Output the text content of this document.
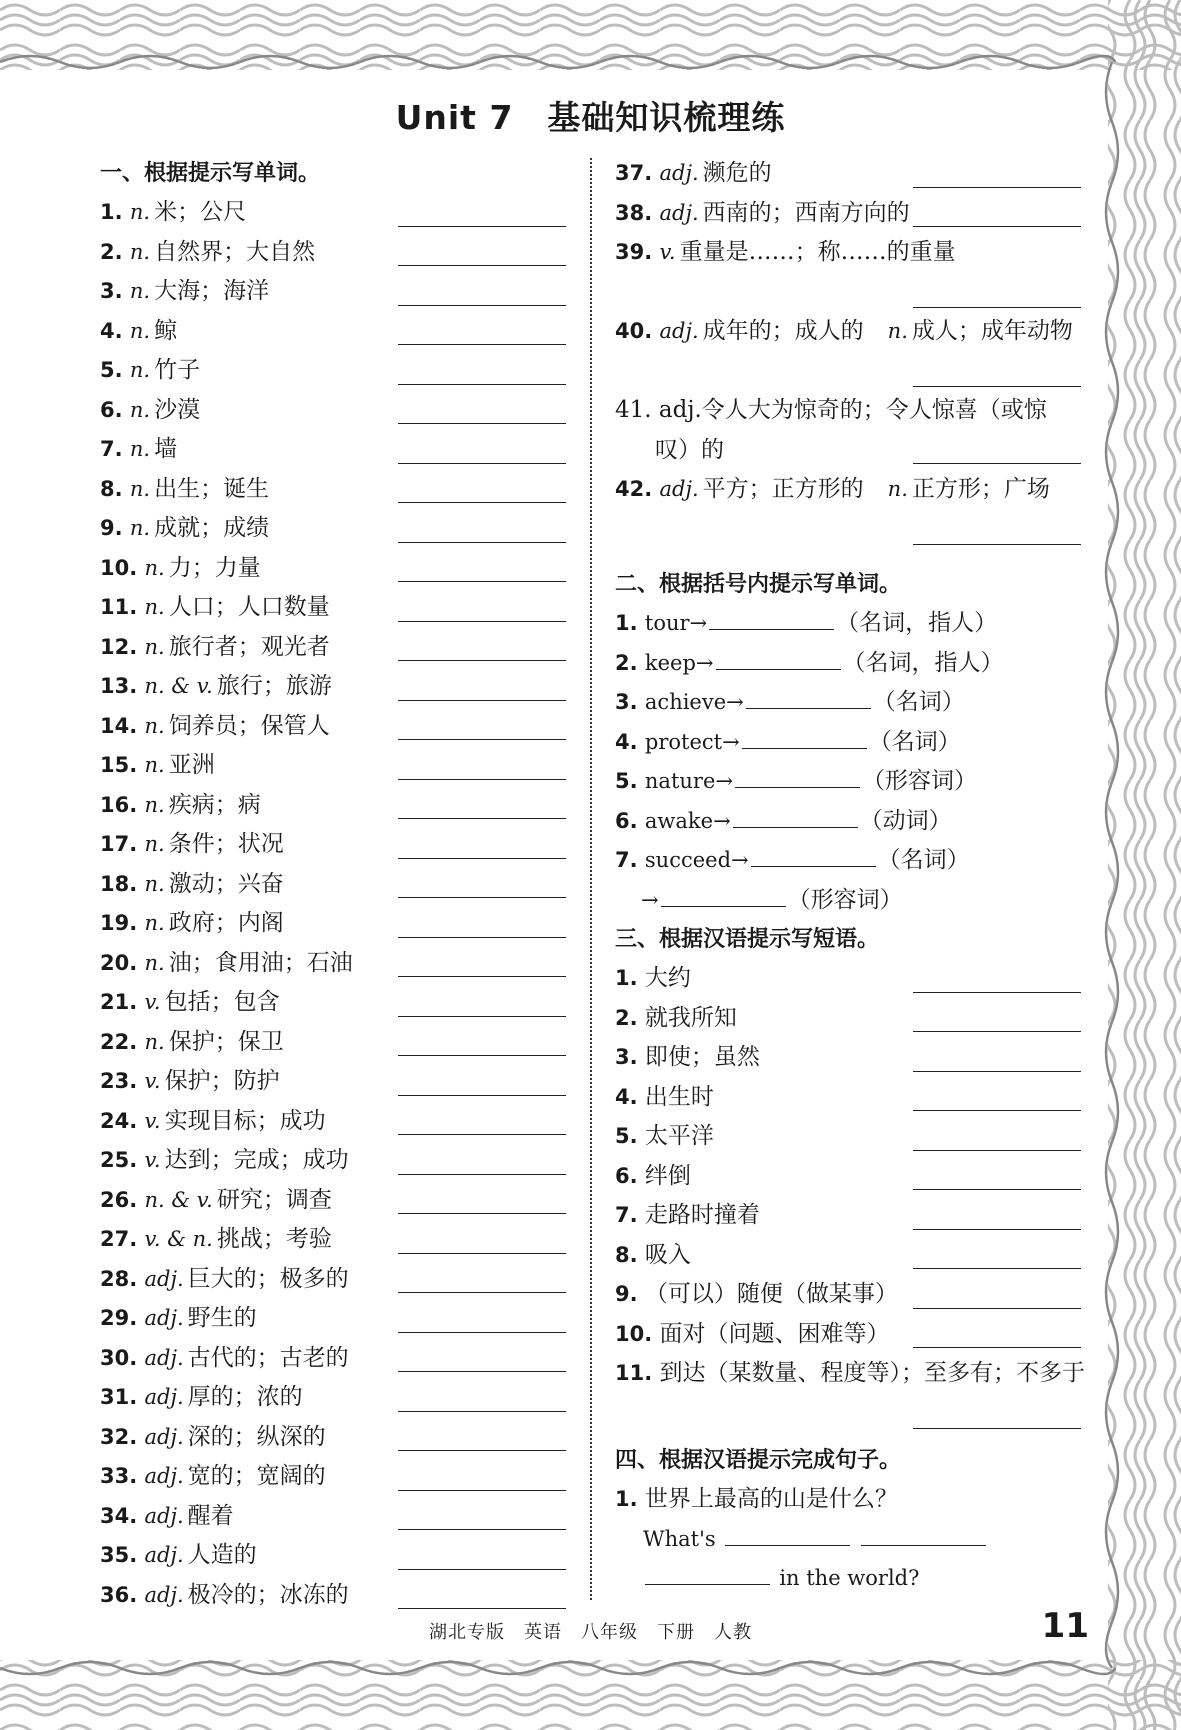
Unit 7　基础知识梳理练
一、根据提示写单词。
1. n. 米；公尺
2. n. 自然界；大自然
3. n. 大海；海洋
4. n. 鲸
5. n. 竹子
6. n. 沙漠
7. n. 墙
8. n. 出生；诞生
9. n. 成就；成绩
10. n. 力；力量
11. n. 人口；人口数量
12. n. 旅行者；观光者
13. n. & v. 旅行；旅游
14. n. 饲养员；保管人
15. n. 亚洲
16. n. 疾病；病
17. n. 条件；状况
18. n. 激动；兴奋
19. n. 政府；内阁
20. n. 油；食用油；石油
21. v. 包括；包含
22. n. 保护；保卫
23. v. 保护；防护
24. v. 实现目标；成功
25. v. 达到；完成；成功
26. n. & v. 研究；调查
27. v. & n. 挑战；考验
28. adj. 巨大的；极多的
29. adj. 野生的
30. adj. 古代的；古老的
31. adj. 厚的；浓的
32. adj. 深的；纵深的
33. adj. 宽的；宽阔的
34. adj. 醒着
35. adj. 人造的
36. adj. 极冷的；冰冻的
37. adj. 濒危的
38. adj. 西南的；西南方向的
39. v. 重量是……；称……的重量
40. adj. 成年的；成人的 n. 成人；成年动物
41. adj.令人大为惊奇的；令人惊喜（或惊
叹）的
42. adj. 平方；正方形的 n. 正方形；广场
二、根据括号内提示写单词。
1. tour→	（名词，指人）
2. keep→	（名词，指人）
3. achieve→	（名词）
4. protect→	（名词）
5. nature→	（形容词）
6. awake→	（动词）
7. succeed→	（名词）
→	（形容词）
三、根据汉语提示写短语。
1. 大约
2. 就我所知
3. 即使；虽然
4. 出生时
5. 太平洋
6. 绊倒
7. 走路时撞着
8. 吸入
9. （可以）随便（做某事）
10. 面对（问题、困难等）
11. 到达（某数量、程度等）；至多有；不多于
四、根据汉语提示完成句子。
1. 世界上最高的山是什么？
What's
in the world?
湖北专版　英语　八年级　下册　人教	11
